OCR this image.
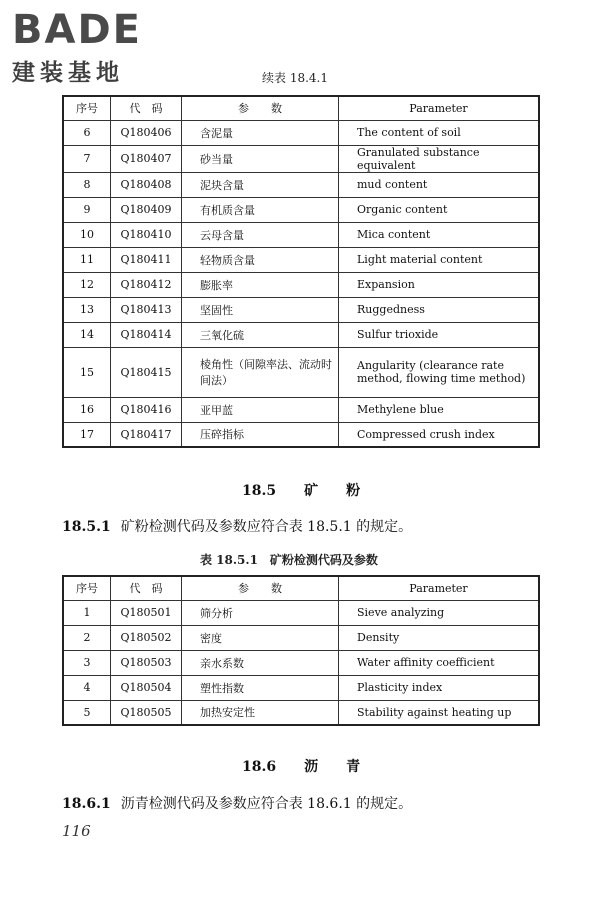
BADE
建装基地	续表 18.4.1
序号	代　码	参　　数	Parameter
6	Q180406	含泥量	The content of soil
7	Q180407	砂当量	Granulated substance equivalent
8	Q180408	泥块含量	mud content
9	Q180409	有机质含量	Organic content
10	Q180410	云母含量	Mica content
11	Q180411	轻物质含量	Light material content
12	Q180412	膨胀率	Expansion
13	Q180413	坚固性	Ruggedness
14	Q180414	三氧化硫	Sulfur trioxide
15	Q180415	棱角性（间隙率法、流动时间法）	Angularity (clearance rate method, flowing time method)
16	Q180416	亚甲蓝	Methylene blue
17	Q180417	压碎指标	Compressed crush index
18.5 矿　　粉
18.5.1 矿粉检测代码及参数应符合表 18.5.1 的规定。
表 18.5.1　矿粉检测代码及参数
序号	代　码	参　　数	Parameter
1	Q180501	筛分析	Sieve analyzing
2	Q180502	密度	Density
3	Q180503	亲水系数	Water affinity coefficient
4	Q180504	塑性指数	Plasticity index
5	Q180505	加热安定性	Stability against heating up
18.6 沥　　青
18.6.1 沥青检测代码及参数应符合表 18.6.1 的规定。
116
